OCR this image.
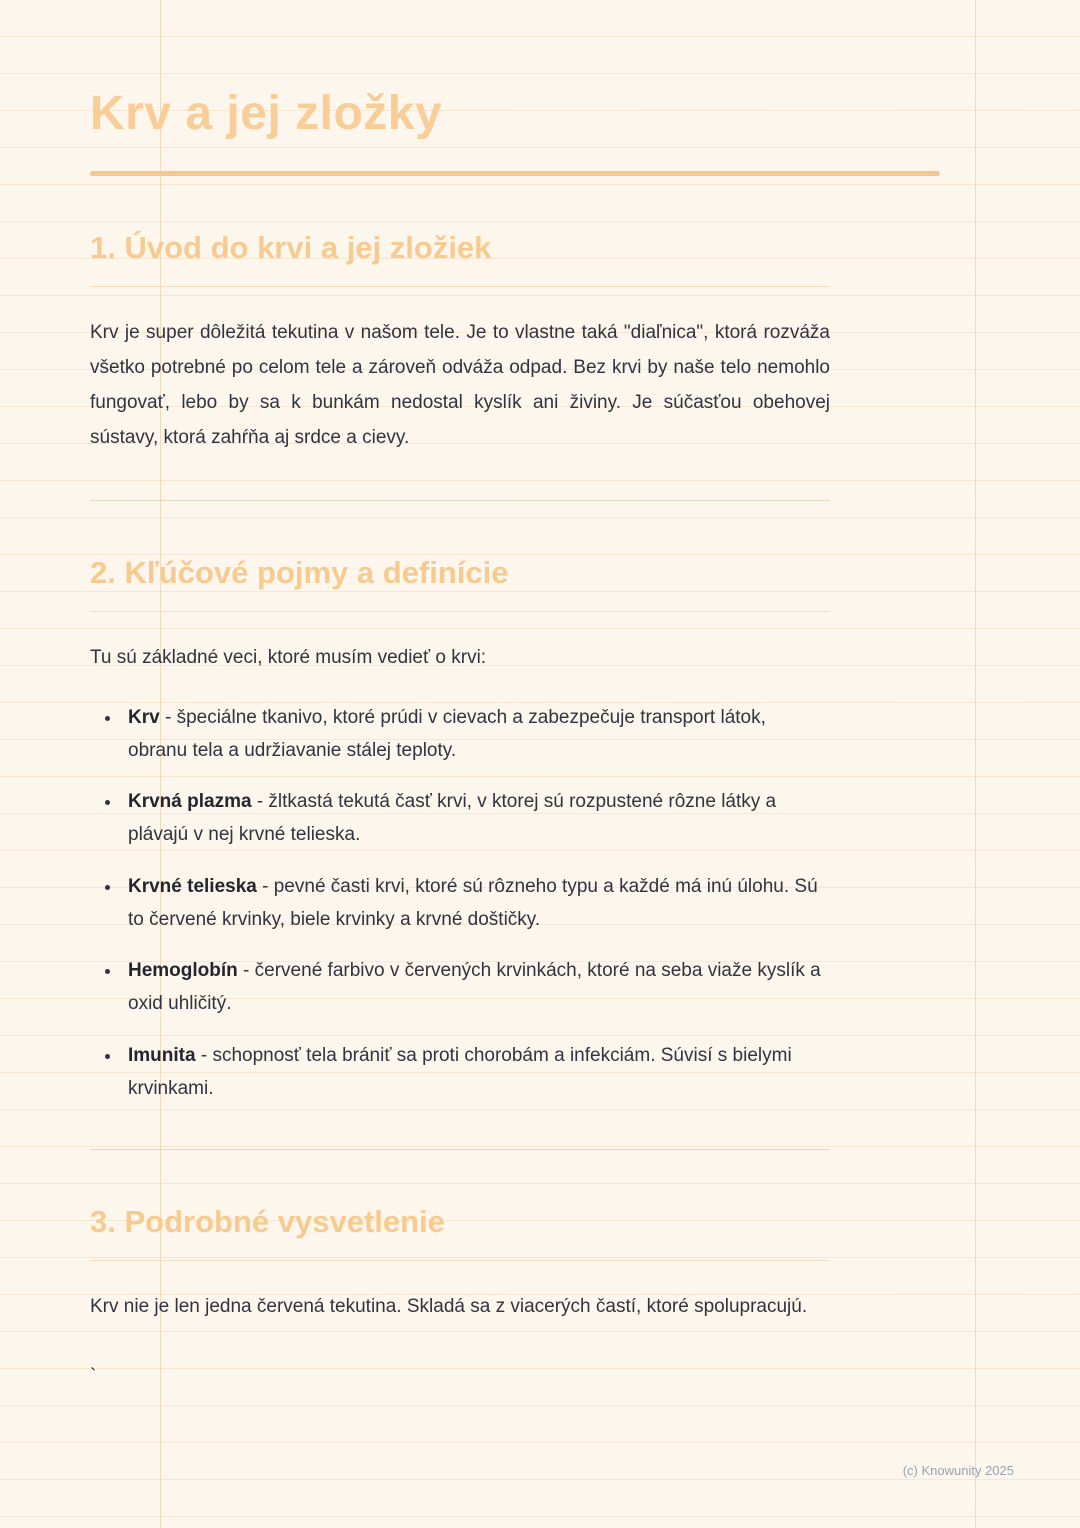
Krv a jej zložky
1. Úvod do krvi a jej zložiek

Krv je super dôležitá tekutina v našom tele. Je to vlastne taká "diaľnica", ktorá rozváža všetko potrebné po celom tele a zároveň odváža odpad. Bez krvi by naše telo nemohlo fungovať, lebo by sa k bunkám nedostal kyslík ani živiny. Je súčasťou obehovej sústavy, ktorá zahŕňa aj srdce a cievy.

2. Kľúčové pojmy a definície

Tu sú základné veci, ktoré musím vedieť o krvi:

• Krv - špeciálne tkanivo, ktoré prúdi v cievach a zabezpečuje transport látok, obranu tela a udržiavanie stálej teploty.
• Krvná plazma - žltkastá tekutá časť krvi, v ktorej sú rozpustené rôzne látky a plávajú v nej krvné telieska.
• Krvné telieska - pevné časti krvi, ktoré sú rôzneho typu a každé má inú úlohu. Sú to červené krvinky, biele krvinky a krvné doštičky.
• Hemoglobín - červené farbivo v červených krvinkách, ktoré na seba viaže kyslík a oxid uhličitý.
• Imunita - schopnosť tela brániť sa proti chorobám a infekciám. Súvisí s bielymi krvinkami.
3. Podrobné vysvetlenie

Krv nie je len jedna červená tekutina. Skladá sa z viacerých častí, ktoré spolupracujú.

`

(c) Knowunity 2025
